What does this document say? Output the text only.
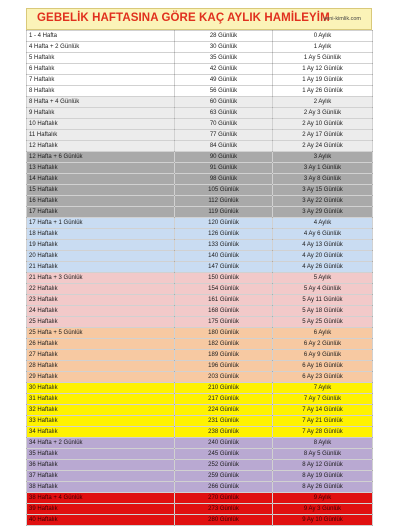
GEBELİK HAFTASINA GÖRE KAÇ AYLIK HAMİLEYİM
yeni-kimlik.com
1 - 4 Hafta	28 Günlük	0 Aylık
4 Hafta + 2 Günlük	30 Günlük	1 Aylık
5 Haftalık	35 Günlük	1 Ay 5 Günlük
6 Haftalık	42 Günlük	1 Ay 12 Günlük
7 Haftalık	49 Günlük	1 Ay 19 Günlük
8 Haftalık	56 Günlük	1 Ay 26 Günlük
8 Hafta + 4 Günlük	60 Günlük	2 Aylık
9 Haftalık	63 Günlük	2 Ay 3 Günlük
10 Haftalık	70 Günlük	2 Ay 10 Günlük
11 Haftalık	77 Günlük	2 Ay 17 Günlük
12 Haftalık	84 Günlük	2 Ay 24 Günlük
12 Hafta + 6 Günlük	90 Günlük	3 Aylık
13 Haftalık	91 Günlük	3 Ay 1 Günlük
14 Haftalık	98 Günlük	3 Ay 8 Günlük
15 Haftalık	105 Günlük	3 Ay 15 Günlük
16 Haftalık	112 Günlük	3 Ay 22 Günlük
17 Haftalık	119 Günlük	3 Ay 29 Günlük
17 Hafta + 1 Günlük	120 Günlük	4 Aylık
18 Haftalık	126 Günlük	4 Ay 6 Günlük
19 Haftalık	133 Günlük	4 Ay 13 Günlük
20 Haftalık	140 Günlük	4 Ay 20 Günlük
21 Haftalık	147 Günlük	4 Ay 26 Günlük
21 Hafta + 3 Günlük	150 Günlük	5 Aylık
22 Haftalık	154 Günlük	5 Ay 4 Günlük
23 Haftalık	161 Günlük	5 Ay 11 Günlük
24 Haftalık	168 Günlük	5 Ay 18 Günlük
25 Haftalık	175 Günlük	5 Ay 25 Günlük
25 Hafta + 5 Günlük	180 Günlük	6 Aylık
26 Haftalık	182 Günlük	6 Ay 2 Günlük
27 Haftalık	189 Günlük	6 Ay 9 Günlük
28 Haftalık	196 Günlük	6 Ay 16 Günlük
29 Haftalık	203 Günlük	6 Ay 23 Günlük
30 Haftalık	210 Günlük	7 Aylık
31 Haftalık	217 Günlük	7 Ay 7 Günlük
32 Haftalık	224 Günlük	7 Ay 14 Günlük
33 Haftalık	231 Günlük	7 Ay 21 Günlük
34 Haftalık	238 Günlük	7 Ay 28 Günlük
34 Hafta + 2 Günlük	240 Günlük	8 Aylık
35 Haftalık	245 Günlük	8 Ay 5 Günlük
36 Haftalık	252 Günlük	8 Ay 12 Günlük
37 Haftalık	259 Günlük	8 Ay 19 Günlük
38 Haftalık	266 Günlük	8 Ay 26 Günlük
38 Hafta + 4 Günlük	270 Günlük	9 Aylık
39 Haftalık	273 Günlük	9 Ay 3 Günlük
40 Haftalık	280 Günlük	9 Ay 10 Günlük
